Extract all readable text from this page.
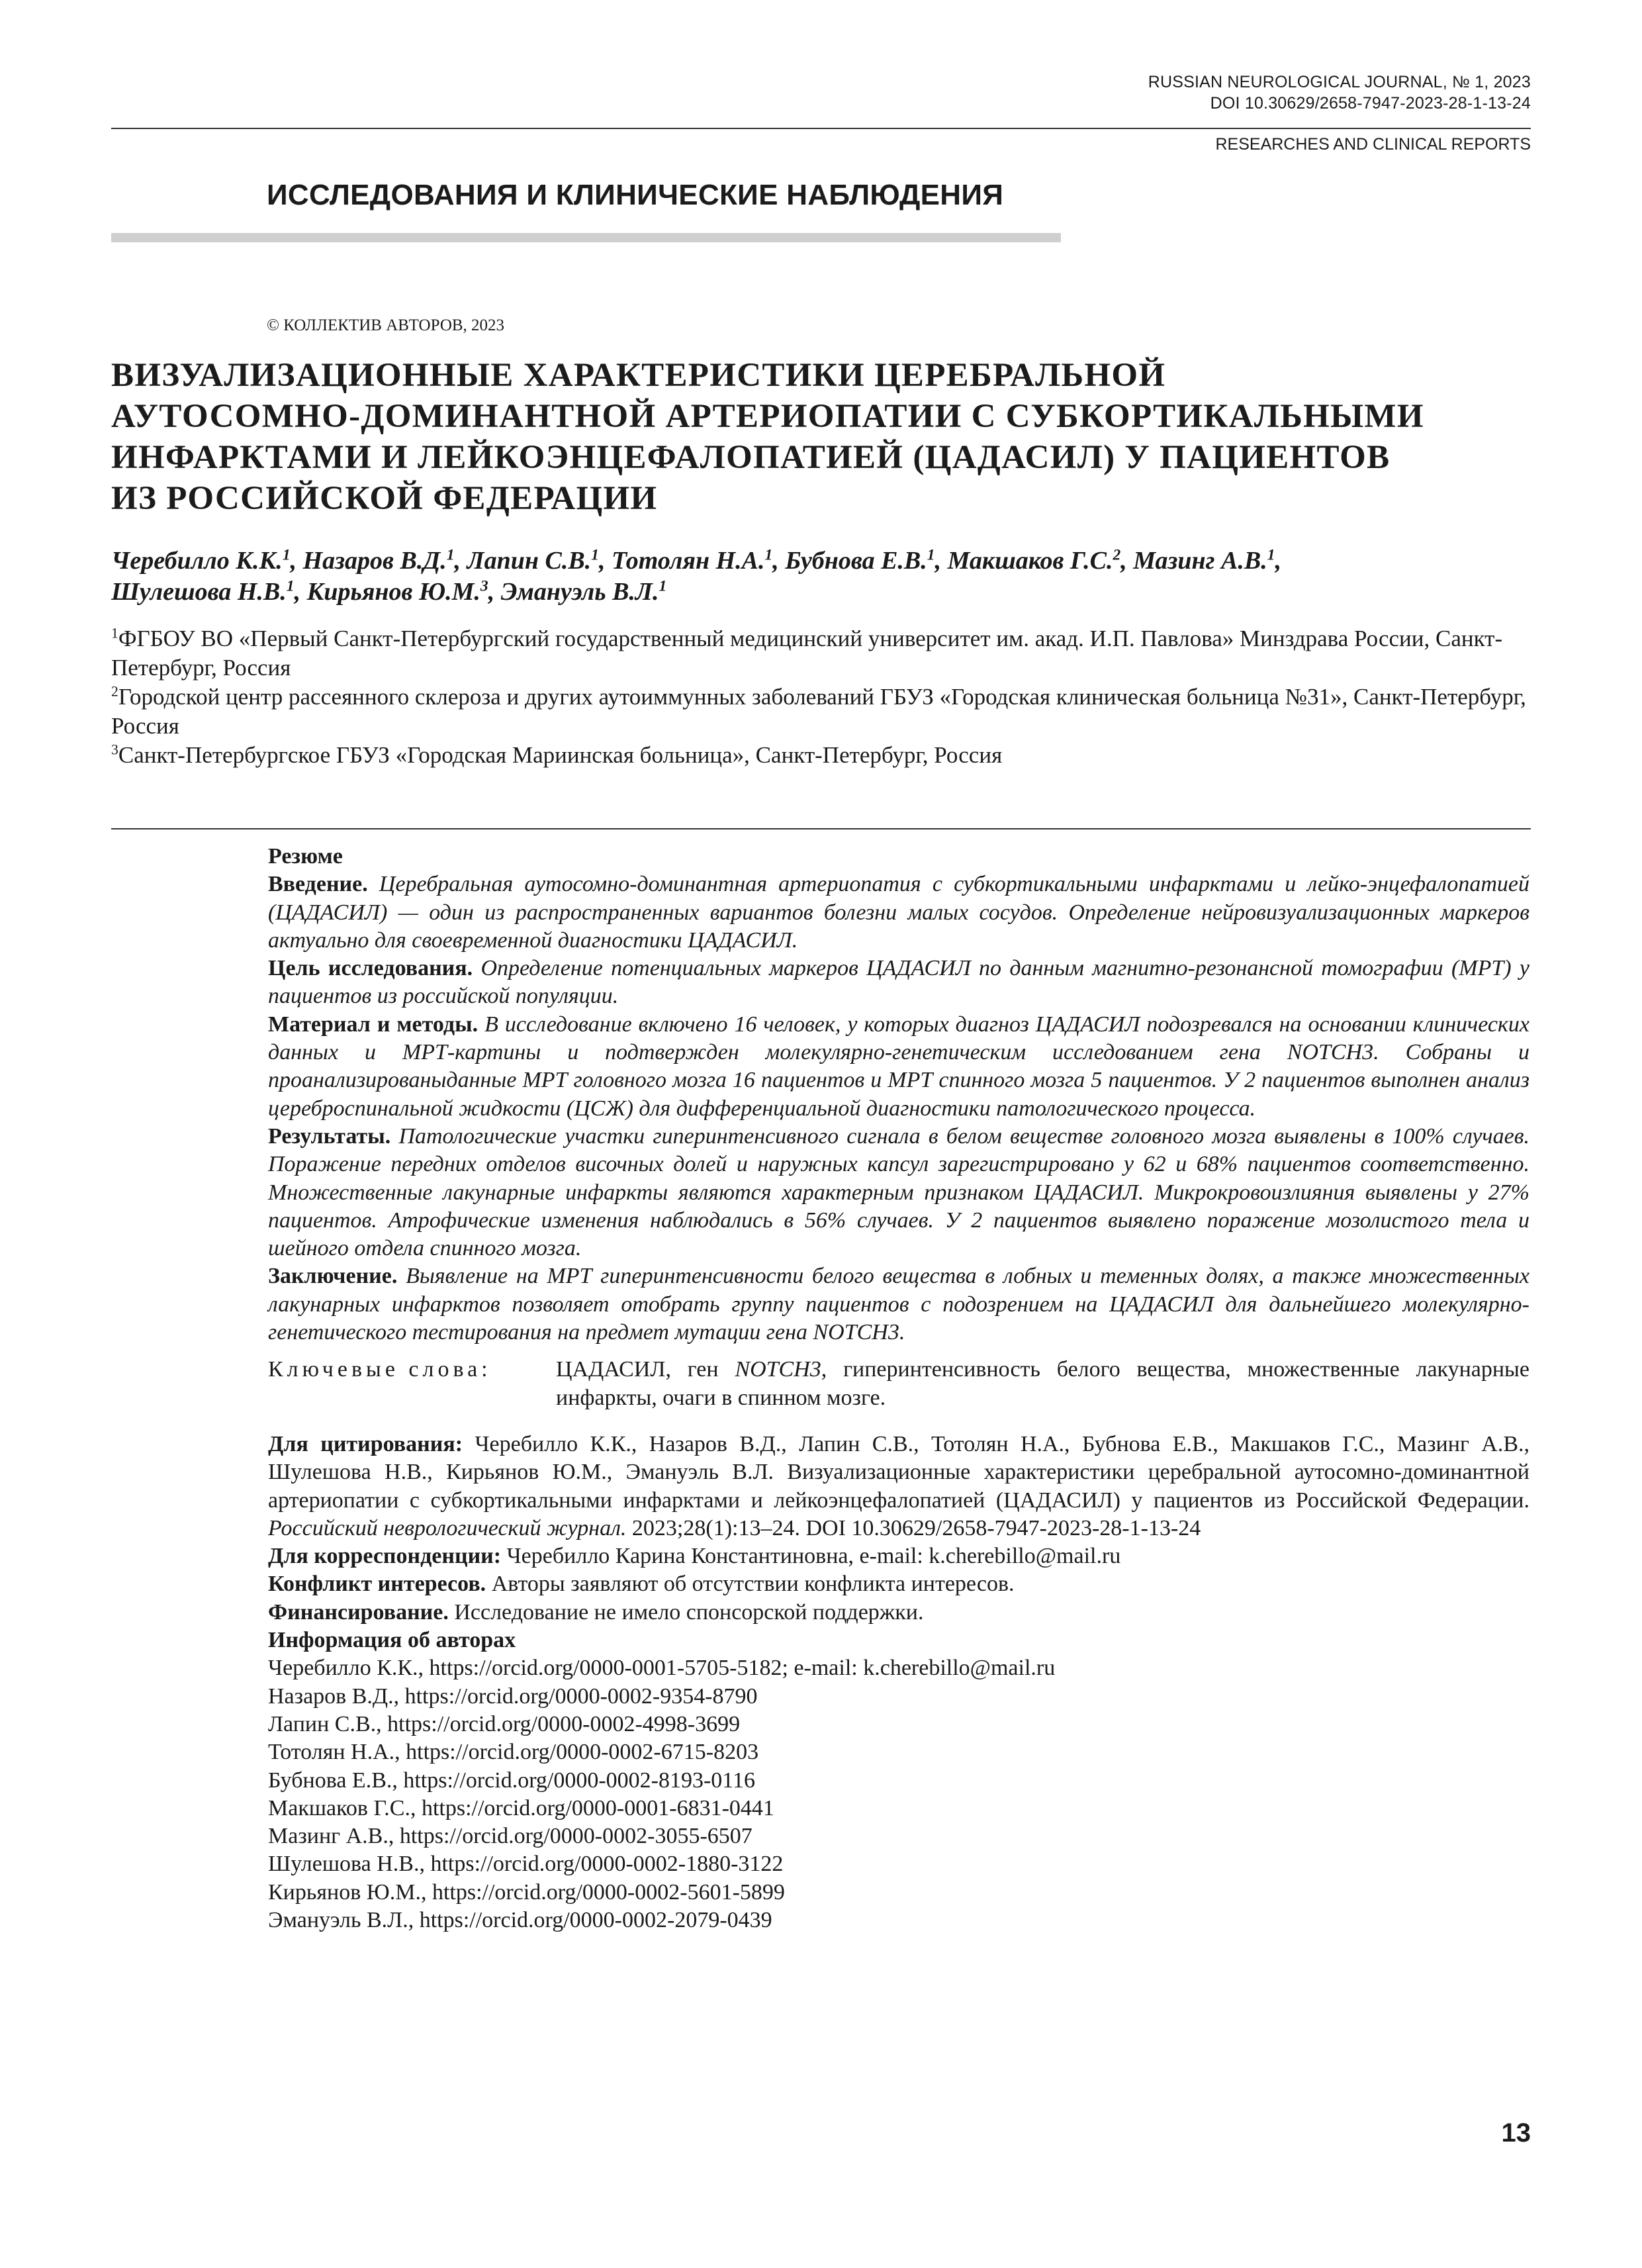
RUSSIAN NEUROLOGICAL JOURNAL, № 1, 2023
DOI 10.30629/2658-7947-2023-28-1-13-24
RESEARCHES AND CLINICAL REPORTS
ИССЛЕДОВАНИЯ И КЛИНИЧЕСКИЕ НАБЛЮДЕНИЯ
© КОЛЛЕКТИВ АВТОРОВ, 2023
ВИЗУАЛИЗАЦИОННЫЕ ХАРАКТЕРИСТИКИ ЦЕРЕБРАЛЬНОЙ
АУТОСОМНО-ДОМИНАНТНОЙ АРТЕРИОПАТИИ С СУБКОРТИКАЛЬНЫМИ
ИНФАРКТАМИ И ЛЕЙКОЭНЦЕФАЛОПАТИЕЙ (ЦАДАСИЛ) У ПАЦИЕНТОВ
ИЗ РОССИЙСКОЙ ФЕДЕРАЦИИ
Черебилло К.К.$^1$, Назаров В.Д.$^1$, Лапин С.В.$^1$, Тотолян Н.А.$^1$, Бубнова Е.В.$^1$, Макшаков Г.С.$^2$, Мазинг А.В.$^1$,
Шулешова Н.В.$^1$, Кирьянов Ю.М.$^3$, Эмануэль В.Л.$^1$

$^1$ФГБОУ ВО «Первый Санкт-Петербургский государственный медицинский университет им. акад. И.П. Павлова» Минздрава России, Санкт-Петербург, Россия

$^2$Городской центр рассеянного склероза и других аутоиммунных заболеваний ГБУЗ «Городская клиническая больница №31», Санкт-Петербург, Россия

$^3$Санкт-Петербургское ГБУЗ «Городская Мариинская больница», Санкт-Петербург, Россия

Резюме

Введение. Церебральная аутосомно-доминантная артериопатия с субкортикальными инфарктами и лейко-энцефалопатией (ЦАДАСИЛ) — один из распространенных вариантов болезни малых сосудов. Определение нейровизуализационных маркеров актуально для своевременной диагностики ЦАДАСИЛ.

Цель исследования. Определение потенциальных маркеров ЦАДАСИЛ по данным магнитно-резонансной томографии (МРТ) у пациентов из российской популяции.

Материал и методы. В исследование включено 16 человек, у которых диагноз ЦАДАСИЛ подозревался на основании клинических данных и МРТ-картины и подтвержден молекулярно-генетическим исследованием гена NOTCH3. Собраны и проанализированыданные МРТ головного мозга 16 пациентов и МРТ спинного мозга 5 пациентов. У 2 пациентов выполнен анализ цереброспинальной жидкости (ЦСЖ) для дифференциальной диагностики патологического процесса.

Результаты. Патологические участки гиперинтенсивного сигнала в белом веществе головного мозга выявлены в 100% случаев. Поражение передних отделов височных долей и наружных капсул зарегистрировано у 62 и 68% пациентов соответственно. Множественные лакунарные инфаркты являются характерным признаком ЦАДАСИЛ. Микрокровоизлияния выявлены у 27% пациентов. Атрофические изменения наблюдались в 56% случаев. У 2 пациентов выявлено поражение мозолистого тела и шейного отдела спинного мозга.

Заключение. Выявление на МРТ гиперинтенсивности белого вещества в лобных и теменных долях, а также множественных лакунарных инфарктов позволяет отобрать группу пациентов с подозрением на ЦАДАСИЛ для дальнейшего молекулярно-генетического тестирования на предмет мутации гена NOTCH3.

Ключевые слова:	ЦАДАСИЛ, ген NOTCH3, гиперинтенсивность белого вещества, множественные лакунарные инфаркты, очаги в спинном мозге.

Для цитирования: Черебилло К.К., Назаров В.Д., Лапин С.В., Тотолян Н.А., Бубнова Е.В., Макшаков Г.С., Мазинг А.В., Шулешова Н.В., Кирьянов Ю.М., Эмануэль В.Л. Визуализационные характеристики церебральной аутосомно-доминантной артериопатии с субкортикальными инфарктами и лейкоэнцефалопатией (ЦАДАСИЛ) у пациентов из Российской Федерации. Российский неврологический журнал. 2023;28(1):13–24. DOI 10.30629/2658-7947-2023-28-1-13-24

Для корреспонденции: Черебилло Карина Константиновна, e-mail: k.cherebillo@mail.ru

Конфликт интересов. Авторы заявляют об отсутствии конфликта интересов.

Финансирование. Исследование не имело спонсорской поддержки.

Информация об авторах

Черебилло К.К., https://orcid.org/0000-0001-5705-5182; e-mail: k.cherebillo@mail.ru

Назаров В.Д., https://orcid.org/0000-0002-9354-8790

Лапин С.В., https://orcid.org/0000-0002-4998-3699

Тотолян Н.А., https://orcid.org/0000-0002-6715-8203

Бубнова Е.В., https://orcid.org/0000-0002-8193-0116

Макшаков Г.С., https://orcid.org/0000-0001-6831-0441

Мазинг А.В., https://orcid.org/0000-0002-3055-6507

Шулешова Н.В., https://orcid.org/0000-0002-1880-3122

Кирьянов Ю.М., https://orcid.org/0000-0002-5601-5899

Эмануэль В.Л., https://orcid.org/0000-0002-2079-0439

13
